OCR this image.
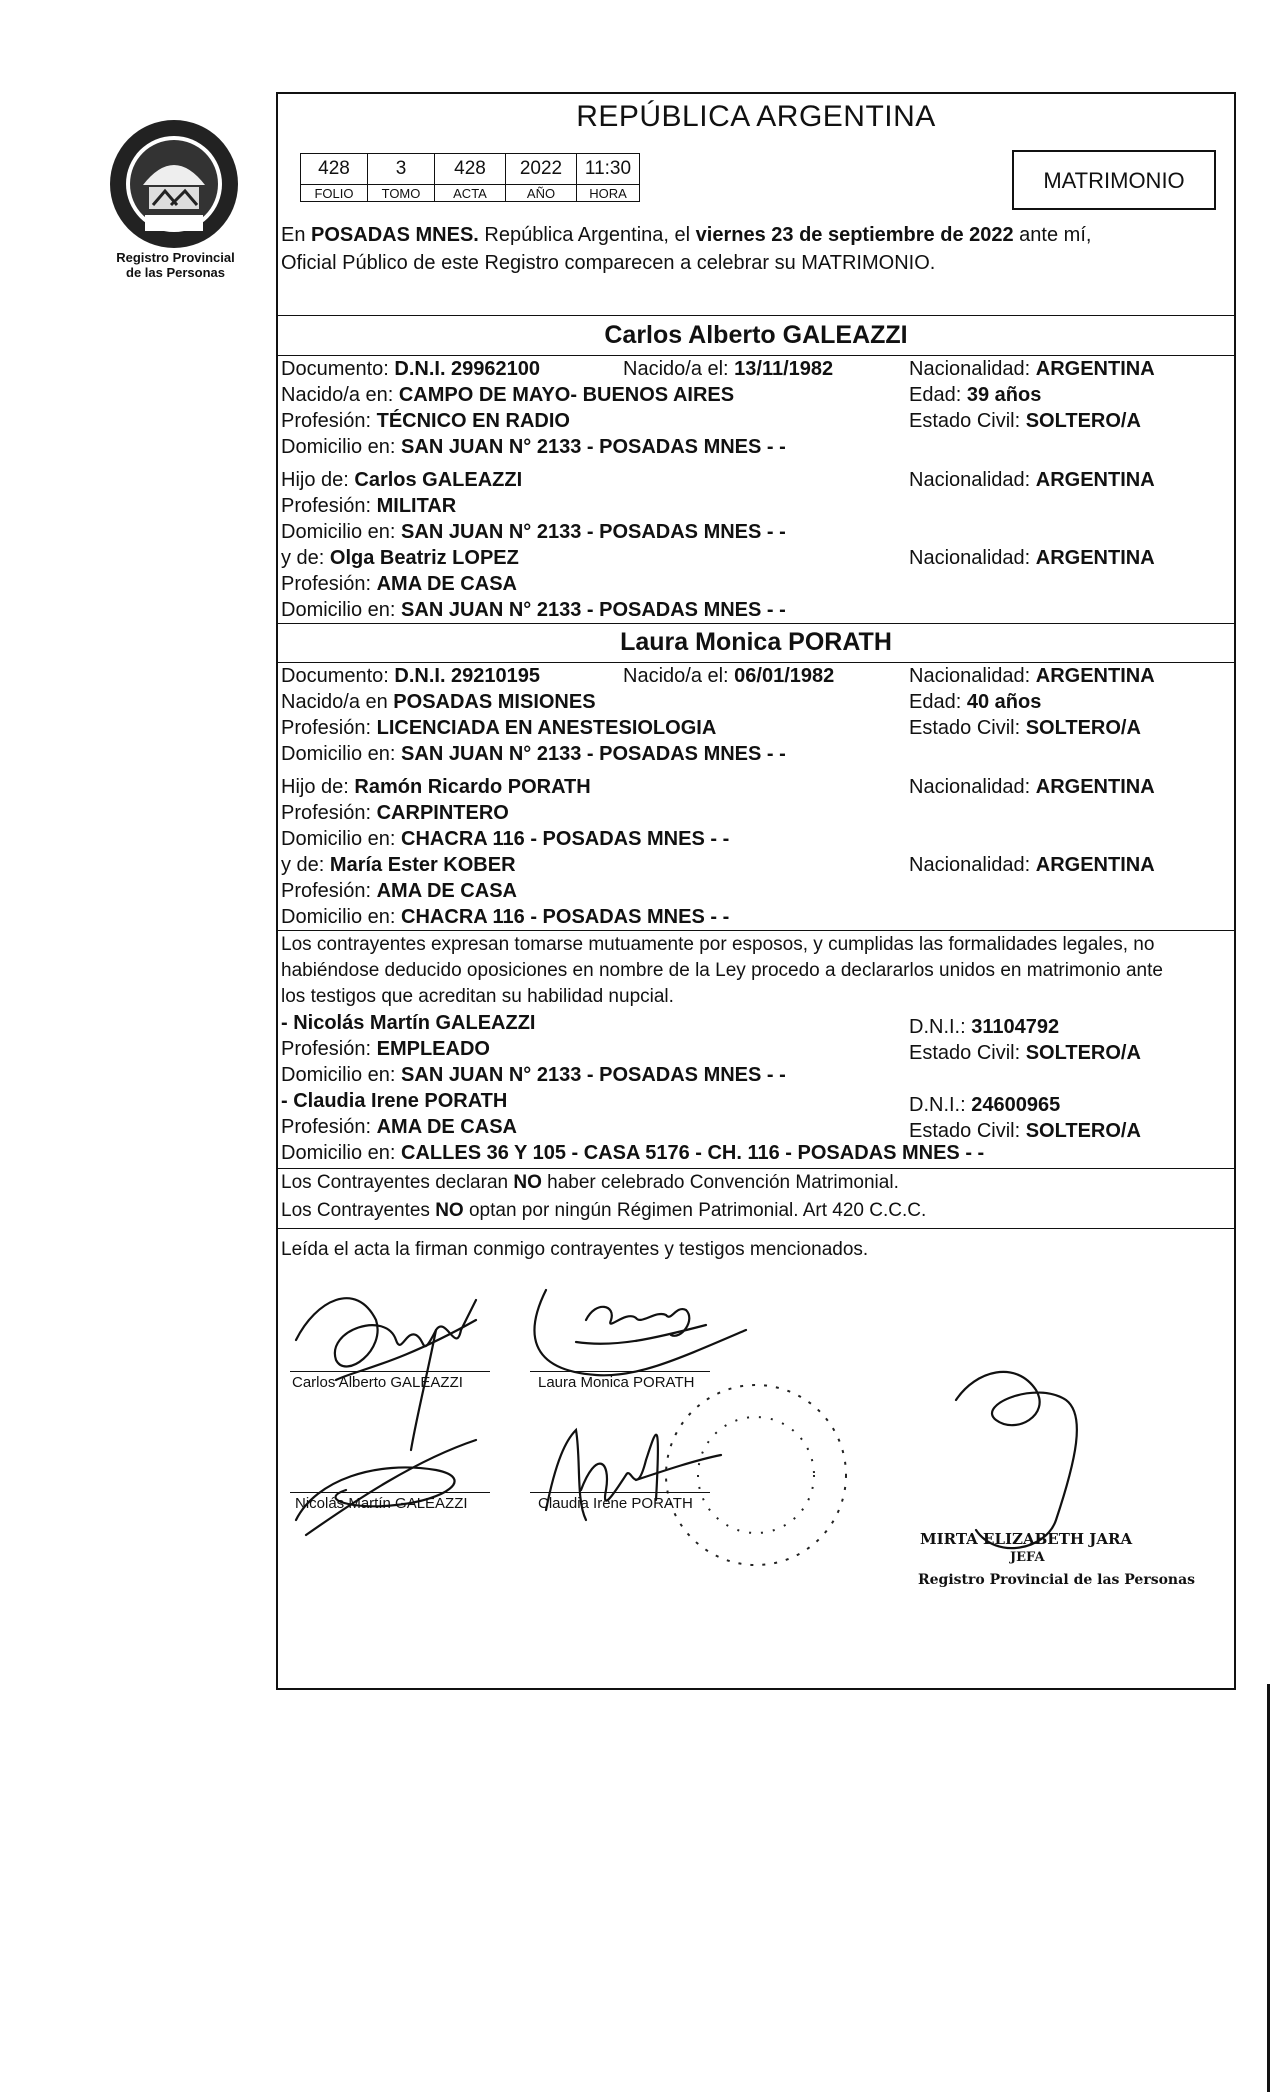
Registro Provincial
de las Personas
REPÚBLICA ARGENTINA
428	3	428	2022	11:30
FOLIO	TOMO	ACTA	AÑO	HORA	MATRIMONIO
En POSADAS MNES. República Argentina, el viernes 23 de septiembre de 2022 ante mí,
Oficial Público de este Registro comparecen a celebrar su MATRIMONIO.
Carlos Alberto GALEAZZI
Documento: D.N.I. 29962100	Nacido/a el: 13/11/1982	Nacionalidad: ARGENTINA
Nacido/a en: CAMPO DE MAYO- BUENOS AIRES	Edad: 39 años
Profesión: TÉCNICO EN RADIO	Estado Civil: SOLTERO/A
Domicilio en: SAN JUAN N° 2133 - POSADAS MNES - -
Hijo de: Carlos GALEAZZI	Nacionalidad: ARGENTINA
Profesión: MILITAR
Domicilio en: SAN JUAN N° 2133 - POSADAS MNES - -
y de: Olga Beatriz LOPEZ	Nacionalidad: ARGENTINA
Profesión: AMA DE CASA
Domicilio en: SAN JUAN N° 2133 - POSADAS MNES - -
Laura Monica PORATH
Documento: D.N.I. 29210195	Nacido/a el: 06/01/1982	Nacionalidad: ARGENTINA
Nacido/a en POSADAS MISIONES	Edad: 40 años
Profesión: LICENCIADA EN ANESTESIOLOGIA	Estado Civil: SOLTERO/A
Domicilio en: SAN JUAN N° 2133 - POSADAS MNES - -
Hijo de: Ramón Ricardo PORATH	Nacionalidad: ARGENTINA
Profesión: CARPINTERO
Domicilio en: CHACRA 116 - POSADAS MNES - -
y de: María Ester KOBER	Nacionalidad: ARGENTINA
Profesión: AMA DE CASA
Domicilio en: CHACRA 116 - POSADAS MNES - -
Los contrayentes expresan tomarse mutuamente por esposos, y cumplidas las formalidades legales, no
habiéndose deducido oposiciones en nombre de la Ley procedo a declararlos unidos en matrimonio ante
los testigos que acreditan su habilidad nupcial.
- Nicolás Martín GALEAZZI	D.N.I.: 31104792
Profesión: EMPLEADO	Estado Civil: SOLTERO/A
Domicilio en: SAN JUAN N° 2133 - POSADAS MNES - -
- Claudia Irene PORATH	D.N.I.: 24600965
Profesión: AMA DE CASA	Estado Civil: SOLTERO/A
Domicilio en: CALLES 36 Y 105 - CASA 5176 - CH. 116 - POSADAS MNES - -
Los Contrayentes declaran NO haber celebrado Convención Matrimonial.
Los Contrayentes NO optan por ningún Régimen Patrimonial. Art 420 C.C.C.
Leída el acta la firman conmigo contrayentes y testigos mencionados.
Carlos Alberto GALEAZZI	Laura Monica PORATH
Nicolás Martín GALEAZZI	Claudia Irene PORATH
MIRTA ELIZABETH JARA
JEFA
Registro Provincial de las Personas
